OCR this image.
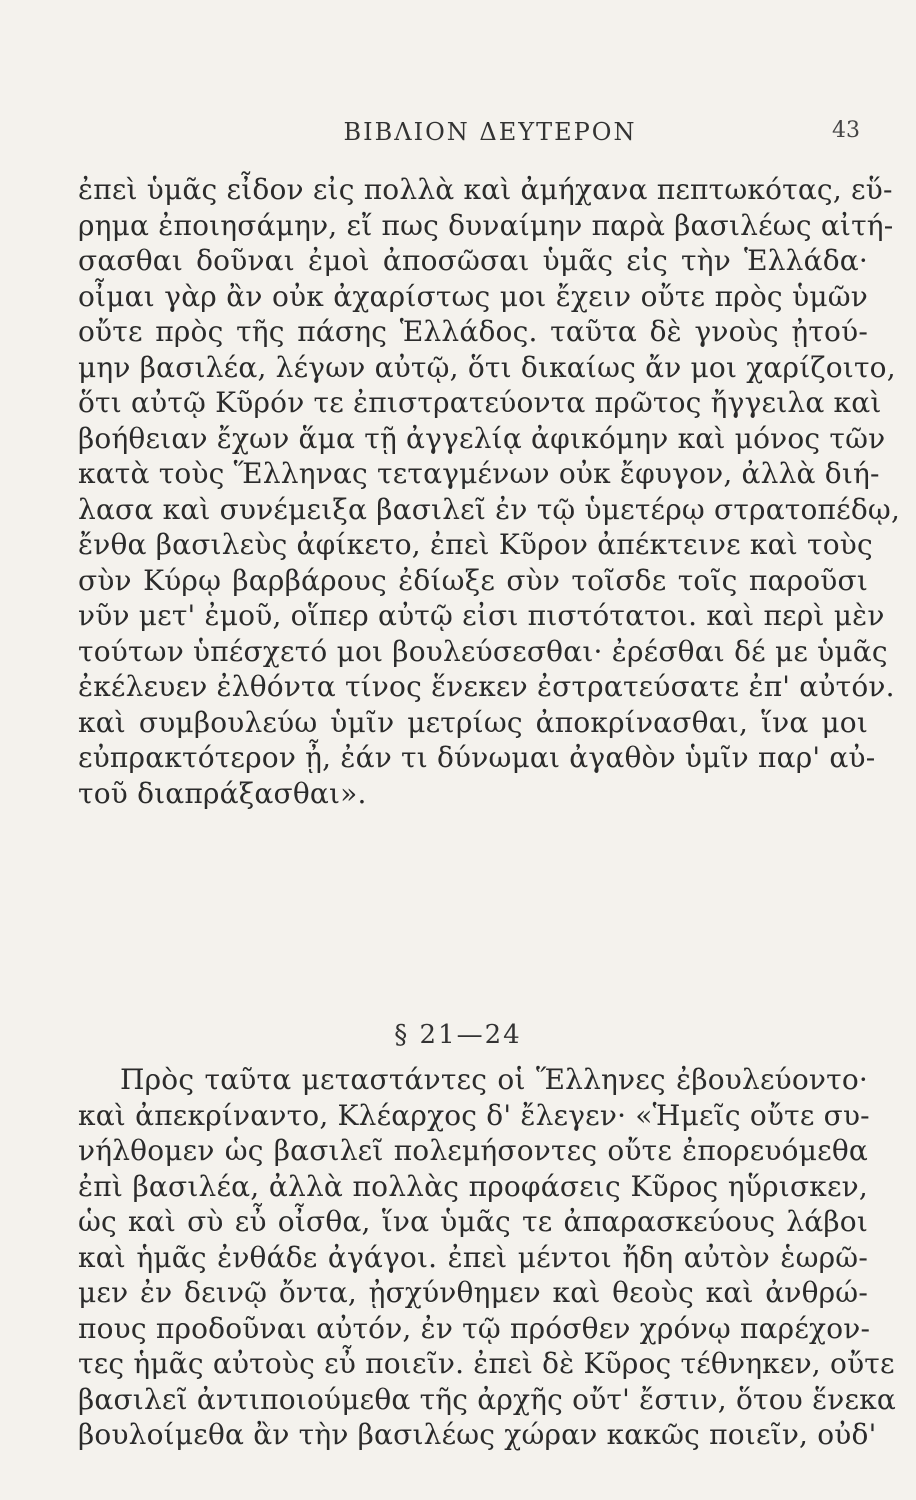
ΒΙΒΛΙΟΝ ΔΕΥΤΕΡΟΝ	43
ἐπεὶ ὑμᾶς εἶδον εἰς πολλὰ καὶ ἀμήχανα πεπτωκότας, εὕ-
ρημα ἐποιησάμην, εἴ πως δυναίμην παρὰ βασιλέως αἰτή-
σασθαι δοῦναι ἐμοὶ ἀποσῶσαι ὑμᾶς εἰς τὴν Ἑλλάδα·
οἶμαι γὰρ ἂν οὐκ ἀχαρίστως μοι ἔχειν οὔτε πρὸς ὑμῶν
οὔτε πρὸς τῆς πάσης Ἑλλάδος. ταῦτα δὲ γνοὺς ᾐτού-
μην βασιλέα, λέγων αὐτῷ, ὅτι δικαίως ἄν μοι χαρίζοιτο,
ὅτι αὐτῷ Κῦρόν τε ἐπιστρατεύοντα πρῶτος ἤγγειλα καὶ
βοήθειαν ἔχων ἅμα τῇ ἀγγελίᾳ ἀφικόμην καὶ μόνος τῶν
κατὰ τοὺς Ἕλληνας τεταγμένων οὐκ ἔφυγον, ἀλλὰ διή-
λασα καὶ συνέμειξα βασιλεῖ ἐν τῷ ὑμετέρῳ στρατοπέδῳ,
ἔνθα βασιλεὺς ἀφίκετο, ἐπεὶ Κῦρον ἀπέκτεινε καὶ τοὺς
σὺν Κύρῳ βαρβάρους ἐδίωξε σὺν τοῖσδε τοῖς παροῦσι
νῦν μετ' ἐμοῦ, οἵπερ αὐτῷ εἰσι πιστότατοι. καὶ περὶ μὲν
τούτων ὑπέσχετό μοι βουλεύσεσθαι· ἐρέσθαι δέ με ὑμᾶς
ἐκέλευεν ἐλθόντα τίνος ἕνεκεν ἐστρατεύσατε ἐπ' αὐτόν.
καὶ συμβουλεύω ὑμῖν μετρίως ἀποκρίνασθαι, ἵνα μοι
εὐπρακτότερον ᾖ, ἐάν τι δύνωμαι ἀγαθὸν ὑμῖν παρ' αὐ-
τοῦ διαπράξασθαι».
§ 21—24
Πρὸς ταῦτα μεταστάντες οἱ Ἕλληνες ἐβουλεύοντο·
καὶ ἀπεκρίναντο, Κλέαρχος δ' ἔλεγεν· «Ἡμεῖς οὔτε συ-
νήλθομεν ὡς βασιλεῖ πολεμήσοντες οὔτε ἐπορευόμεθα
ἐπὶ βασιλέα, ἀλλὰ πολλὰς προφάσεις Κῦρος ηὕρισκεν,
ὡς καὶ σὺ εὖ οἶσθα, ἵνα ὑμᾶς τε ἀπαρασκεύους λάβοι
καὶ ἡμᾶς ἐνθάδε ἀγάγοι. ἐπεὶ μέντοι ἤδη αὐτὸν ἑωρῶ-
μεν ἐν δεινῷ ὄντα, ᾐσχύνθημεν καὶ θεοὺς καὶ ἀνθρώ-
πους προδοῦναι αὐτόν, ἐν τῷ πρόσθεν χρόνῳ παρέχον-
τες ἡμᾶς αὐτοὺς εὖ ποιεῖν. ἐπεὶ δὲ Κῦρος τέθνηκεν, οὔτε
βασιλεῖ ἀντιποιούμεθα τῆς ἀρχῆς οὔτ' ἔστιν, ὅτου ἕνεκα
βουλοίμεθα ἂν τὴν βασιλέως χώραν κακῶς ποιεῖν, οὐδ'
